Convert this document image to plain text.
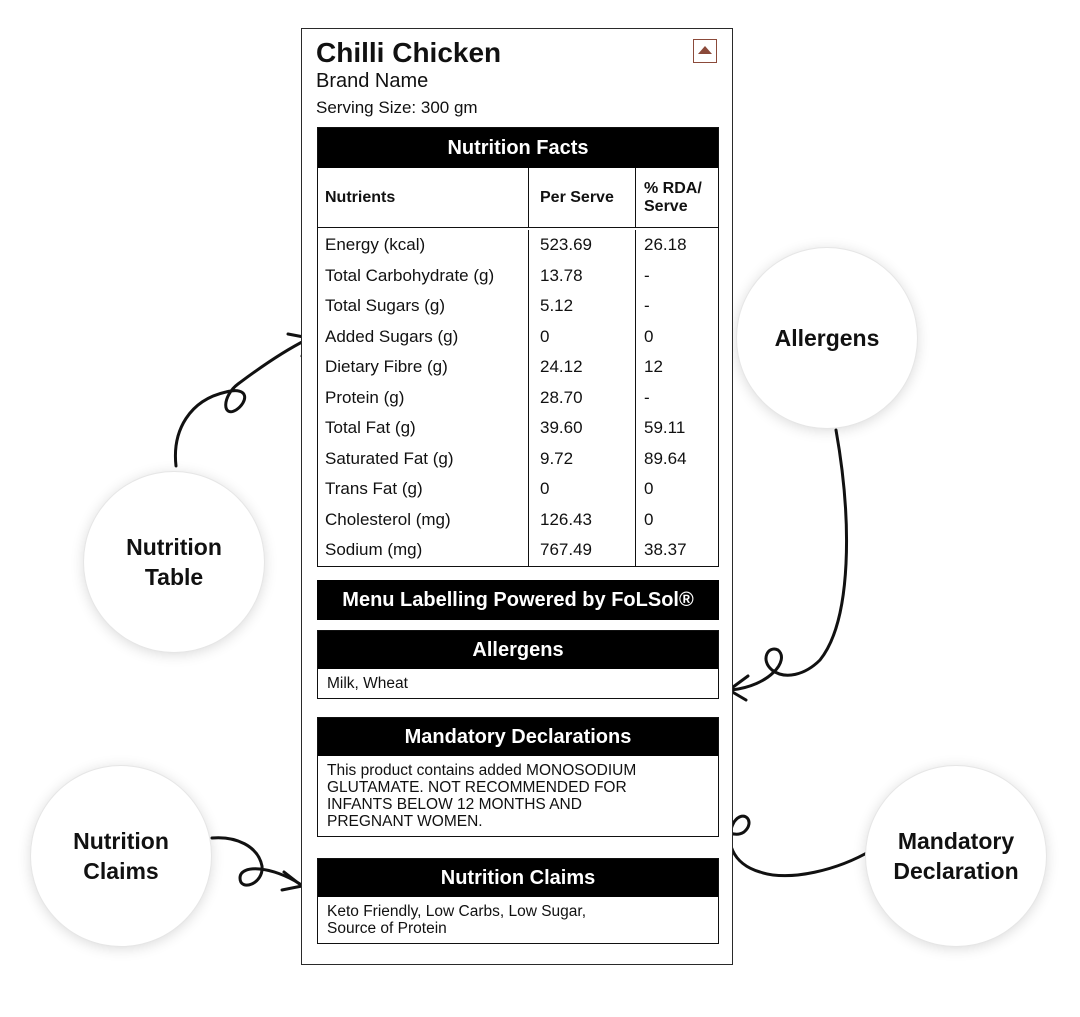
Nutrition
Table
Allergens
Nutrition
Claims
Mandatory
Declaration
Chilli Chicken
Brand Name
Serving Size: 300 gm
Nutrition Facts
Nutrients	Per Serve
% RDA/ Serve
Energy (kcal)
Total Carbohydrate (g)
Total Sugars (g)
Added Sugars (g)
Dietary Fibre (g)
Protein (g)
Total Fat (g)
Saturated Fat (g)
Trans Fat (g)
Cholesterol (mg)
Sodium (mg)
523.69
13.78
5.12
0
24.12
28.70
39.60
9.72
0
126.43
767.49
26.18
-
-
0
12
-
59.11
89.64
0
0
38.37
Menu Labelling Powered by FoLSol®
Allergens
Milk, Wheat
Mandatory Declarations
This product contains added MONOSODIUM
GLUTAMATE. NOT RECOMMENDED FOR
INFANTS BELOW 12 MONTHS AND
PREGNANT WOMEN.
Nutrition Claims
Keto Friendly, Low Carbs, Low Sugar,
Source of Protein
